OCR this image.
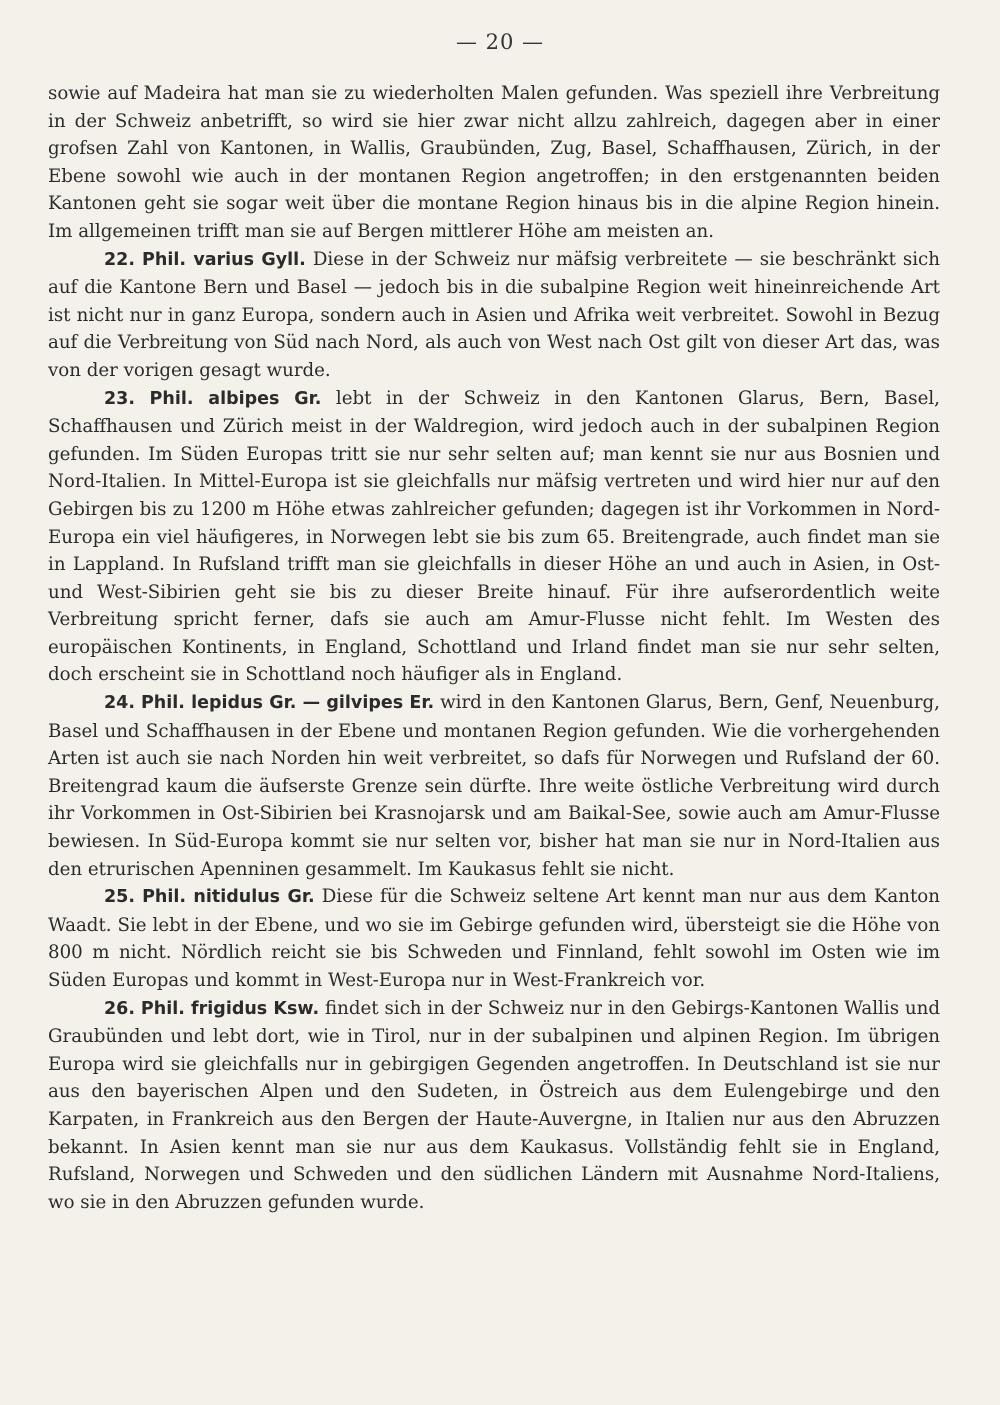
— 20 —

sowie auf Madeira hat man sie zu wiederholten Malen gefunden. Was speziell ihre Verbreitung in der Schweiz anbetrifft, so wird sie hier zwar nicht allzu zahlreich, dagegen aber in einer grofsen Zahl von Kantonen, in Wallis, Graubünden, Zug, Basel, Schaffhausen, Zürich, in der Ebene sowohl wie auch in der montanen Region angetroffen; in den erstgenannten beiden Kantonen geht sie sogar weit über die montane Region hinaus bis in die alpine Region hinein. Im allgemeinen trifft man sie auf Bergen mittlerer Höhe am meisten an.

22. Phil. varius Gyll. Diese in der Schweiz nur mäfsig verbreitete — sie beschränkt sich auf die Kantone Bern und Basel — jedoch bis in die subalpine Region weit hineinreichende Art ist nicht nur in ganz Europa, sondern auch in Asien und Afrika weit verbreitet. Sowohl in Bezug auf die Verbreitung von Süd nach Nord, als auch von West nach Ost gilt von dieser Art das, was von der vorigen gesagt wurde.

23. Phil. albipes Gr. lebt in der Schweiz in den Kantonen Glarus, Bern, Basel, Schaffhausen und Zürich meist in der Waldregion, wird jedoch auch in der subalpinen Region gefunden. Im Süden Europas tritt sie nur sehr selten auf; man kennt sie nur aus Bosnien und Nord-Italien. In Mittel-Europa ist sie gleichfalls nur mäfsig vertreten und wird hier nur auf den Gebirgen bis zu 1200 m Höhe etwas zahlreicher gefunden; dagegen ist ihr Vorkommen in Nord-Europa ein viel häufigeres, in Norwegen lebt sie bis zum 65. Breitengrade, auch findet man sie in Lappland. In Rufsland trifft man sie gleichfalls in dieser Höhe an und auch in Asien, in Ost- und West-Sibirien geht sie bis zu dieser Breite hinauf. Für ihre aufserordentlich weite Verbreitung spricht ferner, dafs sie auch am Amur-Flusse nicht fehlt. Im Westen des europäischen Kontinents, in England, Schottland und Irland findet man sie nur sehr selten, doch erscheint sie in Schottland noch häufiger als in England.

24. Phil. lepidus Gr. — gilvipes Er. wird in den Kantonen Glarus, Bern, Genf, Neuenburg, Basel und Schaffhausen in der Ebene und montanen Region gefunden. Wie die vorhergehenden Arten ist auch sie nach Norden hin weit verbreitet, so dafs für Norwegen und Rufsland der 60. Breitengrad kaum die äufserste Grenze sein dürfte. Ihre weite östliche Verbreitung wird durch ihr Vorkommen in Ost-Sibirien bei Krasnojarsk und am Baikal-See, sowie auch am Amur-Flusse bewiesen. In Süd-Europa kommt sie nur selten vor, bisher hat man sie nur in Nord-Italien aus den etrurischen Apenninen gesammelt. Im Kaukasus fehlt sie nicht.

25. Phil. nitidulus Gr. Diese für die Schweiz seltene Art kennt man nur aus dem Kanton Waadt. Sie lebt in der Ebene, und wo sie im Gebirge gefunden wird, übersteigt sie die Höhe von 800 m nicht. Nördlich reicht sie bis Schweden und Finnland, fehlt sowohl im Osten wie im Süden Europas und kommt in West-Europa nur in West-Frankreich vor.

26. Phil. frigidus Ksw. findet sich in der Schweiz nur in den Gebirgs-Kantonen Wallis und Graubünden und lebt dort, wie in Tirol, nur in der subalpinen und alpinen Region. Im übrigen Europa wird sie gleichfalls nur in gebirgigen Gegenden angetroffen. In Deutschland ist sie nur aus den bayerischen Alpen und den Sudeten, in Östreich aus dem Eulengebirge und den Karpaten, in Frankreich aus den Bergen der Haute-Auvergne, in Italien nur aus den Abruzzen bekannt. In Asien kennt man sie nur aus dem Kaukasus. Vollständig fehlt sie in England, Rufsland, Norwegen und Schweden und den südlichen Ländern mit Ausnahme Nord-Italiens, wo sie in den Abruzzen gefunden wurde.
